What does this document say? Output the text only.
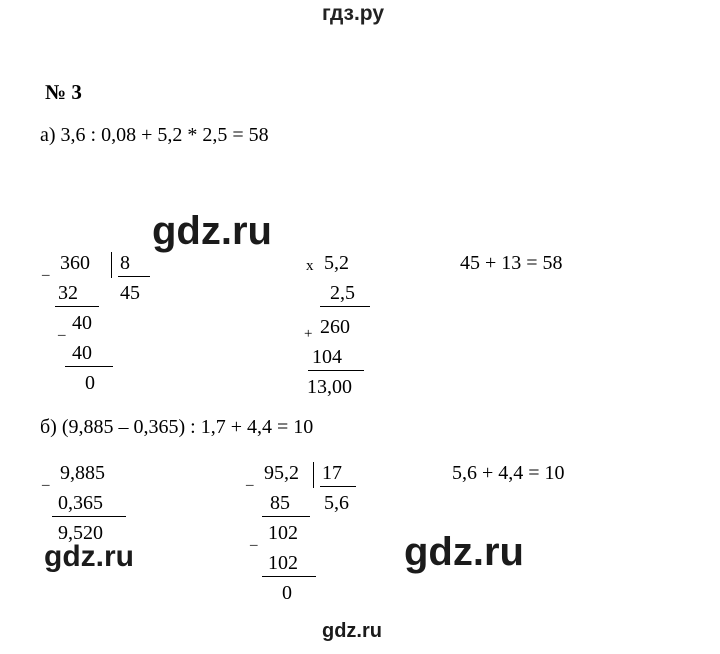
гдз.ру
№ 3
а) 3,6 : 0,08 + 5,2 * 2,5 = 58
gdz.ru
_ 360 8
45
32
_ 40
40
0
х 5,2
2,5
+ 260
104
13,00
45 + 13 = 58
б) (9,885 – 0,365) : 1,7 + 4,4 = 10
_ 9,885
0,365
9,520
_ 95,2 17
5,6
85
_ 102
102
0
5,6 + 4,4 = 10
gdz.ru	gdz.ru
gdz.ru
